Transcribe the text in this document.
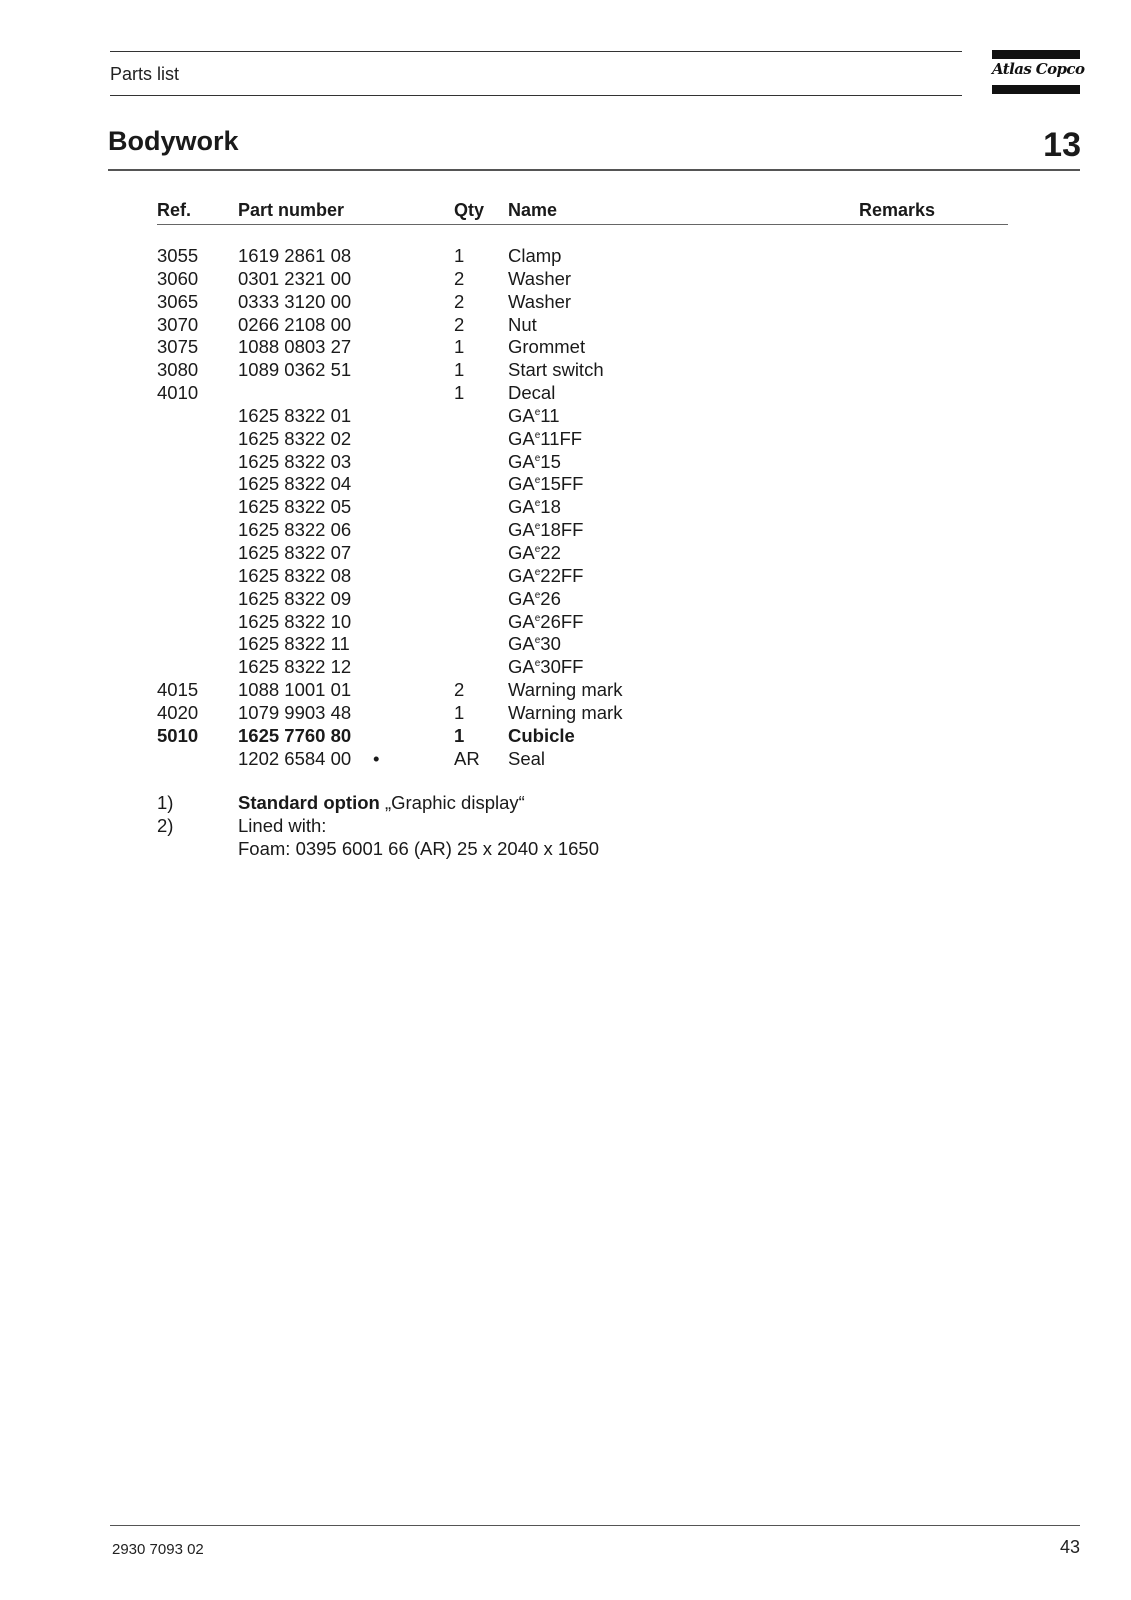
Parts list	Atlas Copco
Bodywork	13
Ref.	Part number	Qty Name	Remarks
3055 1619 2861 08	1 Clamp
3060 0301 2321 00	2 Washer
3065 0333 3120 00	2 Washer
3070 0266 2108 00	2 Nut
3075 1088 0803 27	1 Grommet
3080 1089 0362 51	1 Start switch
4010	1 Decal
1625 8322 01	$GA^e11$
1625 8322 02	$GA^e11FF$
1625 8322 03	$GA^e15$
1625 8322 04	$GA^e15FF$
1625 8322 05	$GA^e18$
1625 8322 06	$GA^e18FF$
1625 8322 07	$GA^e22$
1625 8322 08	$GA^e22FF$
1625 8322 09	$GA^e26$
1625 8322 10	$GA^e26FF$
1625 8322 11	$GA^e30$
1625 8322 12	$GA^e30FF$
4015 1088 1001 01	2 Warning mark
4020 1079 9903 48	1 Warning mark
5010 1625 7760 80	1 Cubicle
1202 6584 00 •	AR Seal
1)	Standard option „Graphic display“
2)	Lined with:
Foam: 0395 6001 66 (AR) 25 x 2040 x 1650
2930 7093 02	43
